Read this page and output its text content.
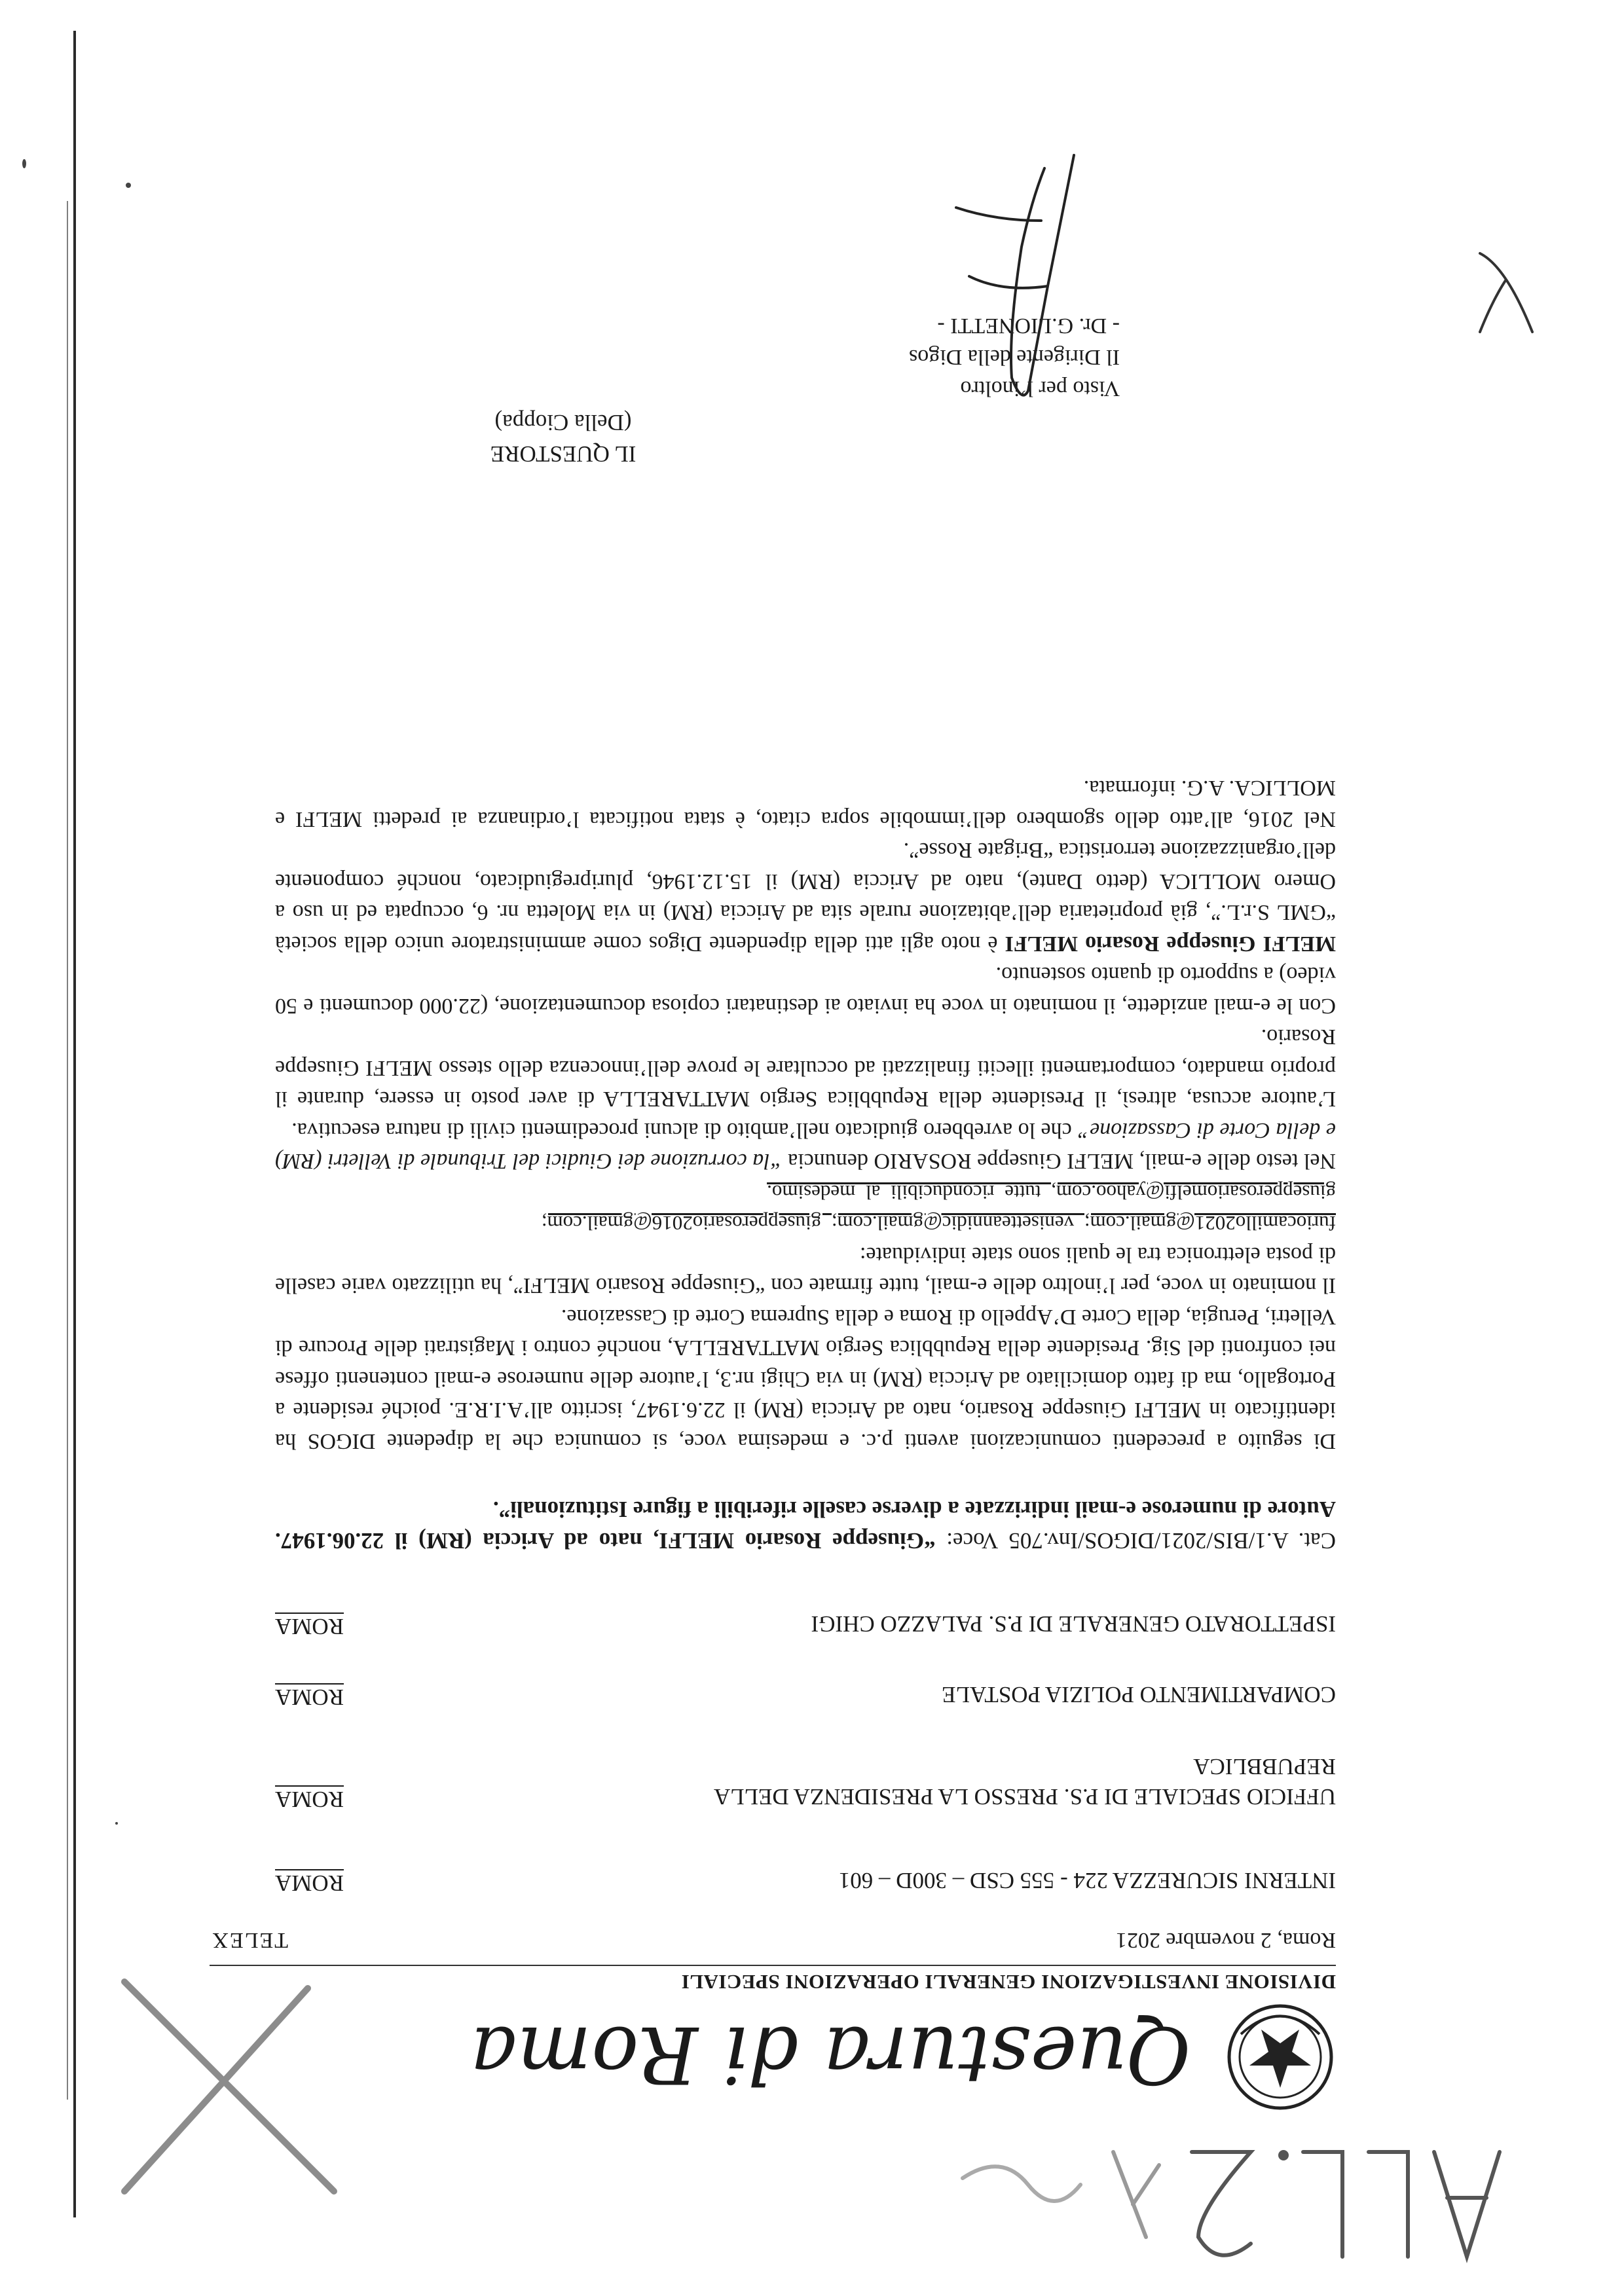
Questura di Roma
DIVISIONE INVESTIGAZIONI GENERALI OPERAZIONI SPECIALI
Roma, 2 novembre 2021
TELEX
INTERNI SICUREZZA 224 - 555 CSD – 300D – 601
ROMA
UFFICIO SPECIALE DI P.S. PRESSO LA PRESIDENZA DELLA REPUBBLICA
ROMA
COMPARTIMENTO POLIZIA POSTALE
ROMA
ISPETTORATO GENERALE DI P.S. PALAZZO CHIGI
ROMA
Cat. A.1/BIS/2021/DIGOS/Inv.705 Voce: “Giuseppe Rosario MELFI, nato ad Ariccia (RM) il 22.06.1947. Autore di numerose e-mail indirizzate a diverse caselle riferibili a figure Istituzionali”.

Di seguito a precedenti comunicazioni aventi p.c. e medesima voce, si comunica che la dipedente DIGOS ha identificato in MELFI Giuseppe Rosario, nato ad Ariccia (RM) il 22.6.1947, iscritto all’A.I.R.E. poiché residente a Portogallo, ma di fatto domiciliato ad Ariccia (RM) in via Chigi nr.3, l’autore delle numerose e-mail contenenti offese nei confronti del Sig. Presidente della Repubblica Sergio MATTARELLA, nonché contro i Magistrati delle Procure di Velletri, Perugia, della Corte D’Appello di Roma e della Suprema Corte di Cassazione.

Il nominato in voce, per l’inoltro delle e-mail, tutte firmate con “Giuseppe Rosario MELFI”, ha utilizzato varie caselle di posta elettronica tra le quali sono state individuate:

furiocamillo2021@gmail.com; venisetteannidic@gmail.com; giusepperosario2016@gmail.com;
giusepperosariomelfi@yahoo.com, tutte riconducibili al medesimo.

Nel testo delle e-mail, MELFI Giuseppe ROSARIO denuncia “la corruzione dei Giudici del Tribunale di Velletri (RM) e della Corte di Cassazione” che lo avrebbero giudicato nell’ambito di alcuni procedimenti civili di natura esecutiva.

L’autore accusa, altresì, il Presidente della Repubblica Sergio MATTARELLA di aver posto in essere, durante il proprio mandato, comportamenti illeciti finalizzati ad occultare le prove dell’innocenza dello stesso MELFI Giuseppe Rosario.

Con le e-mail anzidette, il nominato in voce ha inviato ai destinatari copiosa documentazione, (22.000 documenti e 50 video) a supporto di quanto sostenuto.

MELFI Giuseppe Rosario MELFI è noto agli atti della dipendente Digos come amministratore unico della società “GML S.r.L.”, già proprietaria dell’abitazione rurale sita ad Ariccia (RM) in via Moletta nr. 6, occupata ed in uso a Omero MOLLICA (detto Dante), nato ad Ariccia (RM) il 15.12.1946, pluripregiudicato, nonché componente dell’organizzazione terroristica “Brigate Rosse”.

Nel 2016, all’atto dello sgombero dell’immobile sopra citato, è stata notificata l’ordinanza ai predetti MELFI e MOLLICA. A.G. informata.

IL QUESTORE
(Della Cioppa)
Visto per l’inoltro
Il Dirigente della Digos
- Dr. G.LIONETTI -
